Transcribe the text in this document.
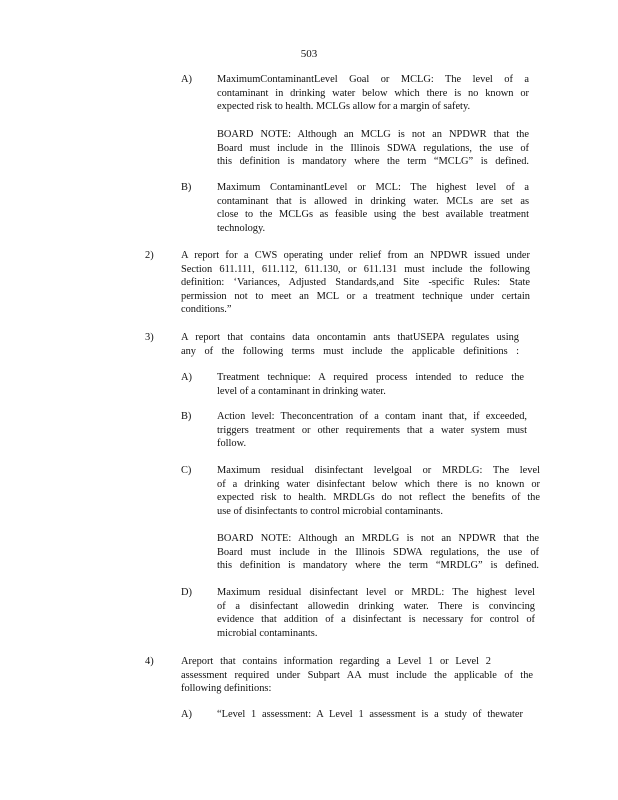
503
A) MaximumContaminantLevel Goal or MCLG: The level of a
contaminant in drinking water below which there is no known or
expected risk to health. MCLGs allow for a margin of safety.
BOARD NOTE: Although an MCLG is not an NPDWR that the
Board must include in the Illinois SDWA regulations, the use of
this definition is mandatory where the term “MCLG” is defined.
B) Maximum ContaminantLevel or MCL: The highest level of a
contaminant that is allowed in drinking water. MCLs are set as
close to the MCLGs as feasible using the best available treatment
technology.
2)	A report for a CWS operating under relief from an NPDWR issued under
Section 611.111, 611.112, 611.130, or 611.131 must include the following
definition: ‘Variances, Adjusted Standards,and Site -specific Rules: State
permission not to meet an MCL or a treatment technique under certain
conditions.”
3)	A report that contains data oncontamin ants thatUSEPA regulates using
any of the following terms must include the applicable definitions :
A) Treatment technique: A required process intended to reduce the
level of a contaminant in drinking water.
B) Action level: Theconcentration of a contam inant that, if exceeded,
triggers treatment or other requirements that a water system must
follow.
C) Maximum residual disinfectant levelgoal or MRDLG: The level
of a drinking water disinfectant below which there is no known or
expected risk to health. MRDLGs do not reflect the benefits of the
use of disinfectants to control microbial contaminants.
BOARD NOTE: Although an MRDLG is not an NPDWR that the
Board must include in the Illinois SDWA regulations, the use of
this definition is mandatory where the term “MRDLG” is defined.
D) Maximum residual disinfectant level or MRDL: The highest level
of a disinfectant allowedin drinking water. There is convincing
evidence that addition of a disinfectant is necessary for control of
microbial contaminants.
4)	Areport that contains information regarding a Level 1 or Level 2
assessment required under Subpart AA must include the applicable of the
following definitions:
A) “Level 1 assessment: A Level 1 assessment is a study of thewater
